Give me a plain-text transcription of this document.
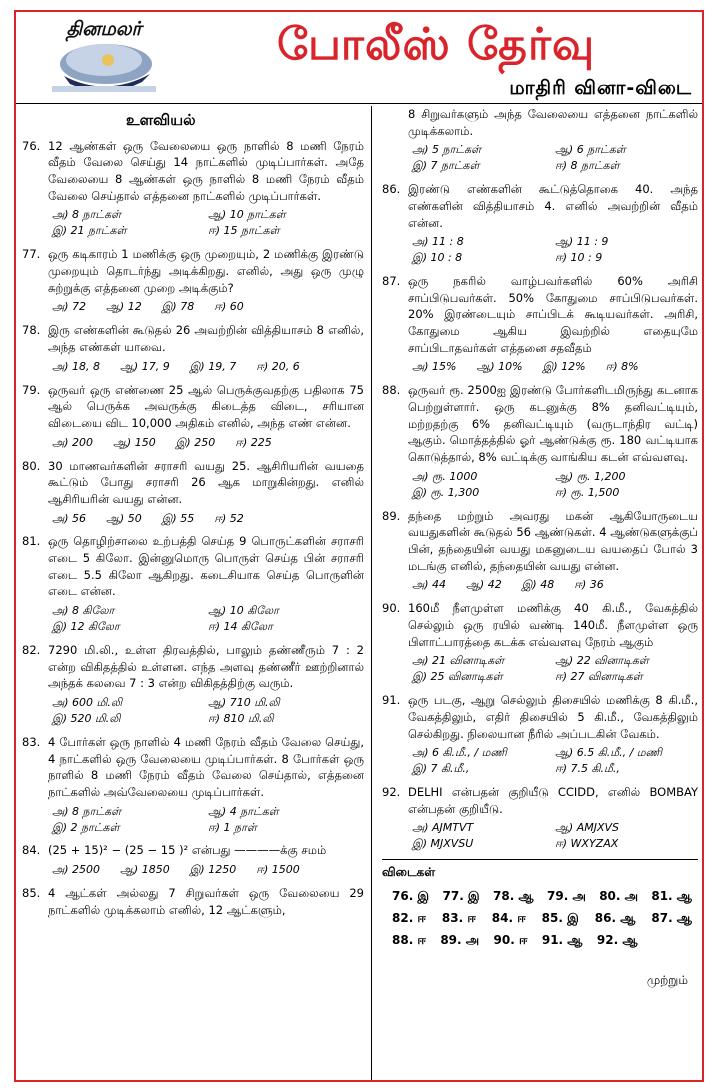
தினமலர்	போலீஸ் தேர்வு
மாதிரி வினா-விடை
உளவியல்
76. 12 ஆண்கள் ஒரு வேலையை ஒரு நாளில் 8 மணி நேரம் வீதம் வேலை செய்து 14 நாட்களில் முடிப்பார்கள். அதே வேலையை 8 ஆண்கள் ஒரு நாளில் 8 மணி நேரம் வீதம் வேலை செய்தால் எத்தனை நாட்களில் முடிப்பார்கள்.
அ) 8 நாட்கள்	ஆ) 10 நாட்கள்
இ) 21 நாட்கள்	ஈ) 15 நாட்கள்
77. ஒரு கடிகாரம் 1 மணிக்கு ஒரு முறையும், 2 மணிக்கு இரண்டு முறையும் தொடர்ந்து அடிக்கிறது. எனில், அது ஒரு முழு சுற்றுக்கு எத்தனை முறை அடிக்கும்?
அ) 72 ஆ) 12 இ) 78 ஈ) 60
78. இரு எண்களின் கூடுதல் 26 அவற்றின் வித்தியாசம் 8 எனில், அந்த எண்கள் யாவை.
அ) 18, 8 ஆ) 17, 9 இ) 19, 7 ஈ) 20, 6
79. ஒருவர் ஒரு எண்ணை 25 ஆல் பெருக்குவதற்கு பதிலாக 75 ஆல் பெருக்க அவருக்கு கிடைத்த விடை, சரியான விடையை விட 10,000 அதிகம் எனில், அந்த எண் என்ன.
அ) 200 ஆ) 150 இ) 250 ஈ) 225
80. 30 மாணவர்களின் சராசரி வயது 25. ஆசிரியரின் வயதை கூட்டும் போது சராசரி 26 ஆக மாறுகின்றது. எனில் ஆசிரியரின் வயது என்ன.
அ) 56 ஆ) 50 இ) 55 ஈ) 52
81. ஒரு தொழிற்சாலை உற்பத்தி செய்த 9 பொருட்களின் சராசரி எடை 5 கிலோ. இன்னுமொரு பொருள் செய்த பின் சராசரி எடை 5.5 கிலோ ஆகிறது. கடைசியாக செய்த பொருளின் எடை என்ன.
அ) 8 கிலோ	ஆ) 10 கிலோ
இ) 12 கிலோ	ஈ) 14 கிலோ
82. 7290 மி.லி., உள்ள திரவத்தில், பாலும் தண்ணீரும் 7 : 2 என்ற விகிதத்தில் உள்ளன. எந்த அளவு தண்ணீர் ஊற்றினால் அந்தக் கலவை 7 : 3 என்ற விகிதத்திற்கு வரும்.
அ) 600 மி.லி	ஆ) 710 மி.லி
இ) 520 மி.லி	ஈ) 810 மி.லி
83. 4 போர்கள் ஒரு நாளில் 4 மணி நேரம் வீதம் வேலை செய்து, 4 நாட்களில் ஒரு வேலையை முடிப்பார்கள். 8 போர்கள் ஒரு நாளில் 8 மணி நேரம் வீதம் வேலை செய்தால், எத்தனை நாட்களில் அவ்வேலையை முடிப்பார்கள்.
அ) 8 நாட்கள்	ஆ) 4 நாட்கள்
இ) 2 நாட்கள்	ஈ) 1 நாள்
84. (25 + 15)² − (25 − 15 )² என்பது ————க்கு சமம்
அ) 2500 ஆ) 1850 இ) 1250 ஈ) 1500
85. 4 ஆட்கள் அல்லது 7 சிறுவர்கள் ஒரு வேலையை 29 நாட்களில் முடிக்கலாம் எனில், 12 ஆட்களும்,
8 சிறுவர்களும் அந்த வேலையை எத்தனை நாட்களில் முடிக்கலாம்.
அ) 5 நாட்கள்	ஆ) 6 நாட்கள்
இ) 7 நாட்கள்	ஈ) 8 நாட்கள்
86. இரண்டு எண்களின் கூட்டுத்தொகை 40. அந்த எண்களின் வித்தியாசம் 4. எனில் அவற்றின் வீதம் என்ன.
அ) 11 : 8	ஆ) 11 : 9
இ) 10 : 8	ஈ) 10 : 9
87. ஒரு நகரில் வாழ்பவர்களில் 60% அரிசி சாப்பிடுபவர்கள். 50% கோதுமை சாப்பிடுபவர்கள். 20% இரண்டையும் சாப்பிடக் கூடியவர்கள். அரிசி, கோதுமை ஆகிய இவற்றில் எதையுமே சாப்பிடாதவர்கள் எத்தனை சதவீதம்
அ) 15% ஆ) 10% இ) 12% ஈ) 8%
88. ஒருவர் ரூ. 2500ஐ இரண்டு போர்களிடமிருந்து கடனாக பெற்றுள்ளார். ஒரு கடனுக்கு 8% தனிவட்டியும், மற்றதற்கு 6% தனிவட்டியும் (வருடாந்திர வட்டி) ஆகும். மொத்தத்தில் ஓர் ஆண்டுக்கு ரூ. 180 வட்டியாக கொடுத்தால், 8% வட்டிக்கு வாங்கிய கடன் எவ்வளவு.
அ) ரூ. 1000	ஆ) ரூ. 1,200
இ) ரூ. 1,300	ஈ) ரூ. 1,500
89. தந்தை மற்றும் அவரது மகன் ஆகியோருடைய வயதுகளின் கூடுதல் 56 ஆண்டுகள். 4 ஆண்டுகளுக்குப் பின், தந்தையின் வயது மகனுடைய வயதைப் போல் 3 மடங்கு எனில், தந்தையின் வயது என்ன.
அ) 44 ஆ) 42 இ) 48 ஈ) 36
90. 160மீ நீளமுள்ள மணிக்கு 40 கி.மீ., வேகத்தில் செல்லும் ஒரு ரயில் வண்டி 140மீ. நீளமுள்ள ஒரு பிளாட்பாரத்தை கடக்க எவ்வளவு நேரம் ஆகும்
அ) 21 வினாடிகள்	ஆ) 22 வினாடிகள்
இ) 25 வினாடிகள்	ஈ) 27 வினாடிகள்
91. ஒரு படகு, ஆறு செல்லும் திசையில் மணிக்கு 8 கி.மீ., வேகத்திலும், எதிர் திசையில் 5 கி.மீ., வேகத்திலும் செல்கிறது. நிலையான நீரில் அப்படகின் வேகம்.
அ) 6 கி.மீ., / மணி	ஆ) 6.5 கி.மீ., / மணி
இ) 7 கி.மீ.,	ஈ) 7.5 கி.மீ.,
92. DELHI என்பதன் குறியீடு CCIDD, எனில் BOMBAY என்பதன் குறியீடு.
அ) AJMTVT	ஆ) AMJXVS
இ) MJXVSU	ஈ) WXYZAX
விடைகள்
76. இ 77. இ 78. ஆ 79. அ 80. அ 81. ஆ
82. ஈ 83. ஈ 84. ஈ 85. இ 86. ஆ 87. ஆ
88. ஈ 89. அ 90. ஈ 91. ஆ 92. ஆ
முற்றும்
